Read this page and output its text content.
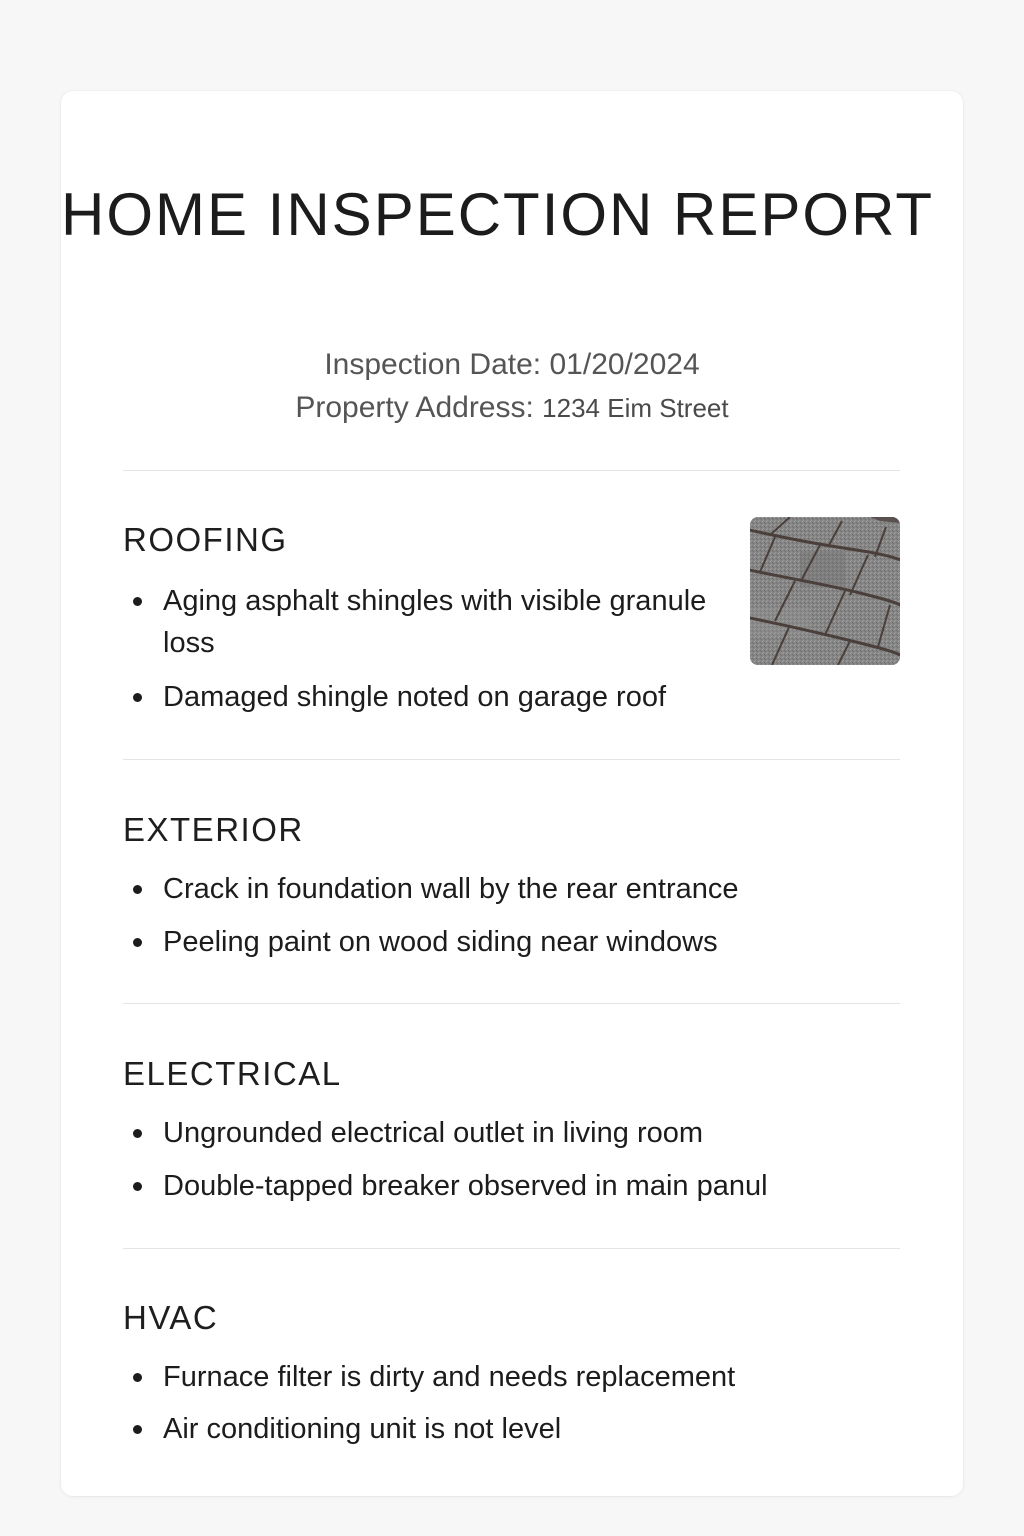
HOME INSPECTION REPORT
Inspection Date: 01/20/2024
Property Address: 1234 Eim Street
ROOFING
Aging asphalt shingles with visible granule loss
Damaged shingle noted on garage roof
EXTERIOR
Crack in foundation wall by the rear entrance
Peeling paint on wood siding near windows
ELECTRICAL
Ungrounded electrical outlet in living room
Double-tapped breaker observed in main panul
HVAC
Furnace filter is dirty and needs replacement
Air conditioning unit is not level
